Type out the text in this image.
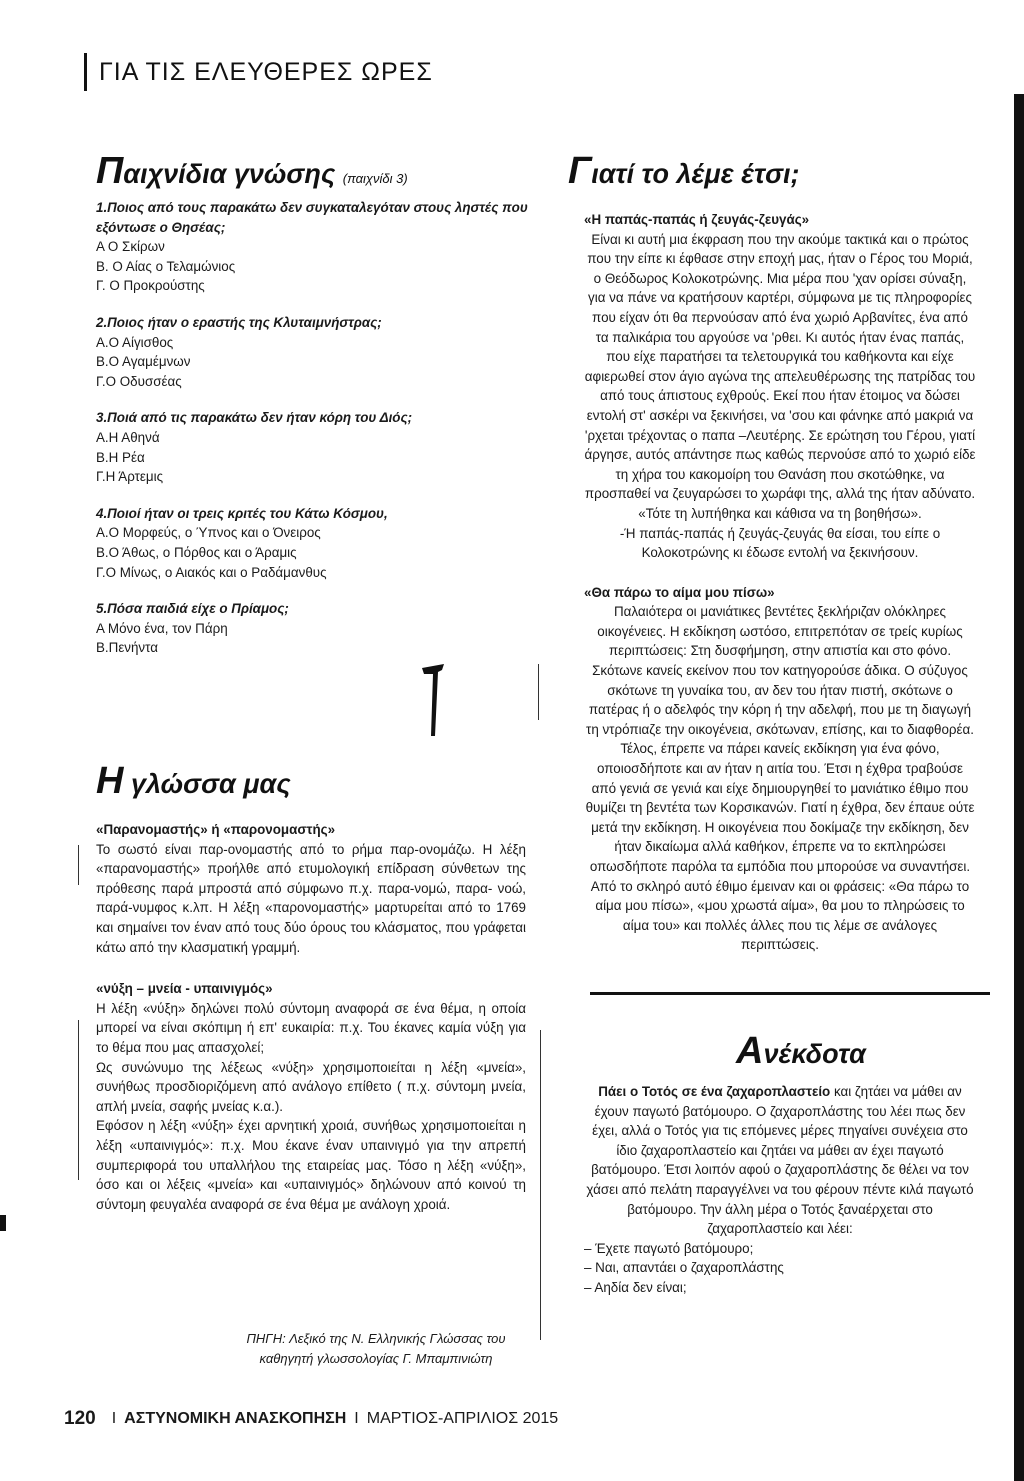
ΓΙΑ ΤΙΣ ΕΛΕΥΘΕΡΕΣ ΩΡΕΣ
Παιχνίδια γνώσης (παιχνίδι 3)
1.Ποιος από τους παρακάτω δεν συγκαταλεγόταν στους ληστές που εξόντωσε ο Θησέας;
Α Ο Σκίρων
Β. Ο Αίας ο Τελαμώνιος
Γ. Ο Προκρούστης
2.Ποιος ήταν ο εραστής της Κλυταιμνήστρας;
Α.Ο Αίγισθος
Β.Ο Αγαμέμνων
Γ.Ο Οδυσσέας
3.Ποιά από τις παρακάτω δεν ήταν κόρη του Διός;
Α.Η Αθηνά
Β.Η Ρέα
Γ.Η Άρτεμις
4.Ποιοί ήταν οι τρεις κριτές του Κάτω Κόσμου,
Α.Ο Μορφεύς, ο Ύπνος και ο Όνειρος
Β.Ο Άθως, ο Πόρθος και ο Άραμις
Γ.Ο Μίνως, ο Αιακός και ο Ραδάμανθυς
5.Πόσα παιδιά είχε ο Πρίαμος;
Α Μόνο ένα, τον Πάρη
Β.Πενήντα
Η γλώσσα μας
«Παρανομαστής» ή «παρονομαστής»

Το σωστό είναι παρ-ονομαστής από το ρήμα παρ-ονομάζω. Η λέξη «παρανομαστής» προήλθε από ετυμολογική επίδραση σύνθετων της πρόθεσης παρά μπροστά από σύμφωνο π.χ. παρα-νομώ, παρα- νοώ, παρά-νυμφος κ.λπ. Η λέξη «παρονομαστής» μαρτυρείται από το 1769 και σημαίνει τον έναν από τους δύο όρους του κλάσματος, που γράφεται κάτω από την κλασματική γραμμή.

«νύξη – μνεία - υπαινιγμός»

Η λέξη «νύξη» δηλώνει πολύ σύντομη αναφορά σε ένα θέμα, η οποία μπορεί να είναι σκόπιμη ή επ' ευκαιρία: π.χ. Του έκανες καμία νύξη για το θέμα που μας απασχολεί;

Ως συνώνυμο της λέξεως «νύξη» χρησιμοποιείται η λέξη «μνεία», συνήθως προσδιοριζόμενη από ανάλογο επίθετο ( π.χ. σύντομη μνεία, απλή μνεία, σαφής μνείας κ.α.).

Εφόσον η λέξη «νύξη» έχει αρνητική χροιά, συνήθως χρησιμοποιείται η λέξη «υπαινιγμός»: π.χ. Μου έκανε έναν υπαινιγμό για την απρεπή συμπεριφορά του υπαλλήλου της εταιρείας μας. Τόσο η λέξη «νύξη», όσο και οι λέξεις «μνεία» και «υπαινιγμός» δηλώνουν από κοινού τη σύντομη φευγαλέα αναφορά σε ένα θέμα με ανάλογη χροιά.

ΠΗΓΗ: Λεξικό της Ν. Ελληνικής Γλώσσας του καθηγητή γλωσσολογίας Γ. Μπαμπινιώτη
Γιατί το λέμε έτσι;
«Η παπάς-παπάς ή ζευγάς-ζευγάς»

Είναι κι αυτή μια έκφραση που την ακούμε τακτικά και ο πρώτος που την είπε κι έφθασε στην εποχή μας, ήταν ο Γέρος του Μοριά, ο Θεόδωρος Κολοκοτρώνης. Μια μέρα που 'χαν ορίσει σύναξη, για να πάνε να κρατήσουν καρτέρι, σύμφωνα με τις πληροφορίες που είχαν ότι θα περνούσαν από ένα χωριό Αρβανίτες, ένα από τα παλικάρια του αργούσε να 'ρθει. Κι αυτός ήταν ένας παπάς, που είχε παρατήσει τα τελετουργικά του καθήκοντα και είχε αφιερωθεί στον άγιο αγώνα της απελευθέρωσης της πατρίδας του από τους άπιστους εχθρούς. Εκεί που ήταν έτοιμος να δώσει εντολή στ' ασκέρι να ξεκινήσει, να 'σου και φάνηκε από μακριά να 'ρχεται τρέχοντας ο παπα –Λευτέρης. Σε ερώτηση του Γέρου, γιατί άργησε, αυτός απάντησε πως καθώς περνούσε από το χωριό είδε τη χήρα του κακομοίρη του Θανάση που σκοτώθηκε, να προσπαθεί να ζευγαρώσει το χωράφι της, αλλά της ήταν αδύνατο. «Τότε τη λυπήθηκα και κάθισα να τη βοηθήσω».

-Ή παπάς-παπάς ή ζευγάς-ζευγάς θα είσαι, του είπε ο Κολοκοτρώνης κι έδωσε εντολή να ξεκινήσουν.

«Θα πάρω το αίμα μου πίσω»

Παλαιότερα οι μανιάτικες βεντέτες ξεκλήριζαν ολόκληρες οικογένειες. Η εκδίκηση ωστόσο, επιτρεπόταν σε τρείς κυρίως περιπτώσεις: Στη δυσφήμηση, στην απιστία και στο φόνο. Σκότωνε κανείς εκείνον που τον κατηγορούσε άδικα. Ο σύζυγος σκότωνε τη γυναίκα του, αν δεν του ήταν πιστή, σκότωνε ο πατέρας ή ο αδελφός την κόρη ή την αδελφή, που με τη διαγωγή τη ντρόπιαζε την οικογένεια, σκότωναν, επίσης, και το διαφθορέα. Τέλος, έπρεπε να πάρει κανείς εκδίκηση για ένα φόνο, οποιοσδήποτε και αν ήταν η αιτία του. Έτσι η έχθρα τραβούσε από γενιά σε γενιά και είχε δημιουργηθεί το μανιάτικο έθιμο που θυμίζει τη βεντέτα των Κορσικανών. Γιατί η έχθρα, δεν έπαυε ούτε μετά την εκδίκηση. Η οικογένεια που δοκίμαζε την εκδίκηση, δεν ήταν δικαίωμα αλλά καθήκον, έπρεπε να το εκπληρώσει οπωσδήποτε παρόλα τα εμπόδια που μπορούσε να συναντήσει.

Από το σκληρό αυτό έθιμο έμειναν και οι φράσεις: «Θα πάρω το αίμα μου πίσω», «μου χρωστά αίμα», θα μου το πληρώσεις το αίμα του» και πολλές άλλες που τις λέμε σε ανάλογες περιπτώσεις.

Ανέκδοτα

Πάει ο Τοτός σε ένα ζαχαροπλαστείο και ζητάει να μάθει αν έχουν παγωτό βατόμουρο. Ο ζαχαροπλάστης του λέει πως δεν έχει, αλλά ο Τοτός για τις επόμενες μέρες πηγαίνει συνέχεια στο ίδιο ζαχαροπλαστείο και ζητάει να μάθει αν έχει παγωτό βατόμουρο. Έτσι λοιπόν αφού ο ζαχαροπλάστης δε θέλει να τον χάσει από πελάτη παραγγέλνει να του φέρουν πέντε κιλά παγωτό βατόμουρο. Την άλλη μέρα ο Τοτός ξαναέρχεται στο ζαχαροπλαστείο και λέει:

– Έχετε παγωτό βατόμουρο;
– Ναι, απαντάει ο ζαχαροπλάστης
– Αηδία δεν είναι;
120 Ι ΑΣΤΥΝΟΜΙΚΗ ΑΝΑΣΚΟΠΗΣΗ Ι ΜΑΡΤΙΟΣ-ΑΠΡΙΛΙΟΣ 2015
